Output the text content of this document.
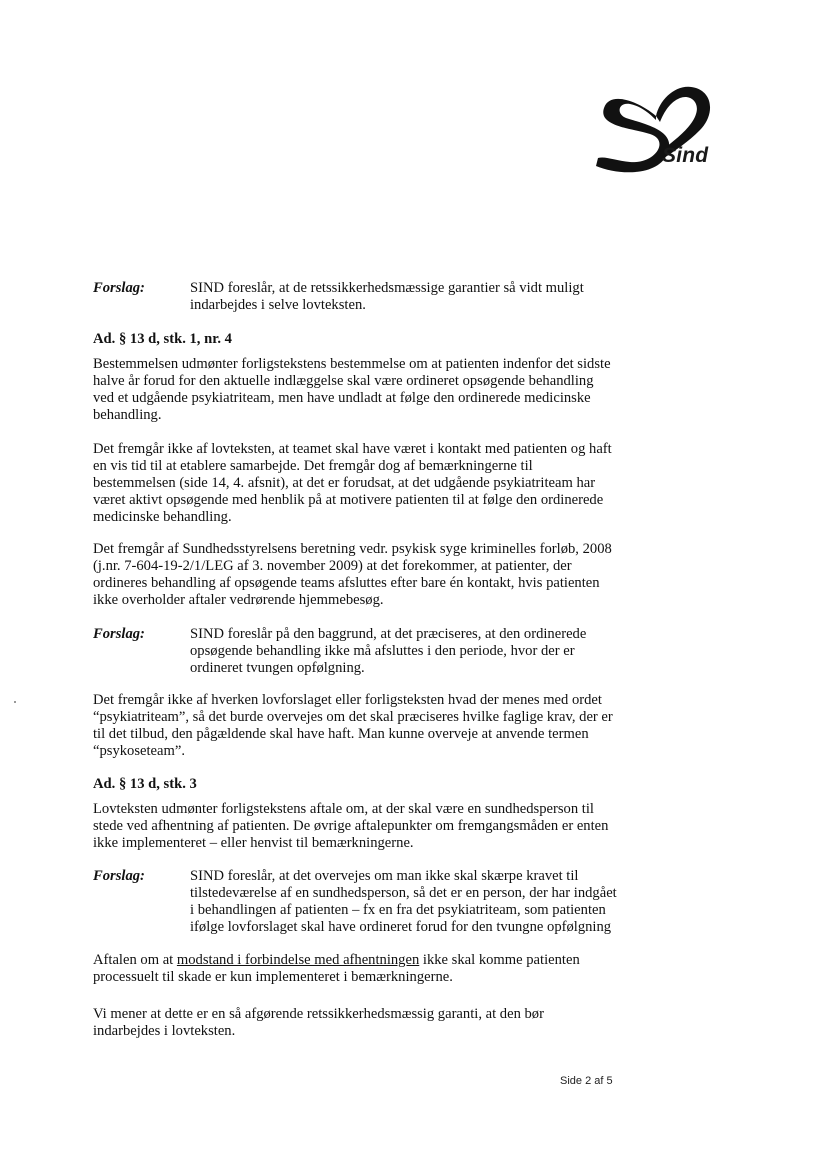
Sind
Forslag:	SIND foreslår, at de retssikkerhedsmæssige garantier så vidt muligt indarbejdes i selve lovteksten.
Ad. § 13 d, stk. 1, nr. 4

Bestemmelsen udmønter forligstekstens bestemmelse om at patienten indenfor det sidste halve år forud for den aktuelle indlæggelse skal være ordineret opsøgende behandling ved et udgående psykiatriteam, men have undladt at følge den ordinerede medicinske behandling.

Det fremgår ikke af lovteksten, at teamet skal have været i kontakt med patienten og haft en vis tid til at etablere samarbejde. Det fremgår dog af bemærkningerne til bestemmelsen (side 14, 4. afsnit), at det er forudsat, at det udgående psykiatriteam har været aktivt opsøgende med henblik på at motivere patienten til at følge den ordinerede medicinske behandling.

Det fremgår af Sundhedsstyrelsens beretning vedr. psykisk syge kriminelles forløb, 2008 (j.nr. 7-604-19-2/1/LEG af 3. november 2009) at det forekommer, at patienter, der ordineres behandling af opsøgende teams afsluttes efter bare én kontakt, hvis patienten ikke overholder aftaler vedrørende hjemmebesøg.

Forslag:	SIND foreslår på den baggrund, at det præciseres, at den ordinerede opsøgende behandling ikke må afsluttes i den periode, hvor der er ordineret tvungen opfølgning.

Det fremgår ikke af hverken lovforslaget eller forligsteksten hvad der menes med ordet “psykiatriteam”, så det burde overvejes om det skal præciseres hvilke faglige krav, der er til det tilbud, den pågældende skal have haft. Man kunne overveje at anvende termen “psykoseteam”.

Ad. § 13 d, stk. 3

Lovteksten udmønter forligstekstens aftale om, at der skal være en sundhedsperson til stede ved afhentning af patienten. De øvrige aftalepunkter om fremgangsmåden er enten ikke implementeret – eller henvist til bemærkningerne.

Forslag:	SIND foreslår, at det overvejes om man ikke skal skærpe kravet til tilstedeværelse af en sundhedsperson, så det er en person, der har indgået i behandlingen af patienten – fx en fra det psykiatriteam, som patienten ifølge lovforslaget skal have ordineret forud for den tvungne opfølgning

Aftalen om at modstand i forbindelse med afhentningen ikke skal komme patienten processuelt til skade er kun implementeret i bemærkningerne.

Vi mener at dette er en så afgørende retssikkerhedsmæssig garanti, at den bør indarbejdes i lovteksten.

Side 2 af 5
